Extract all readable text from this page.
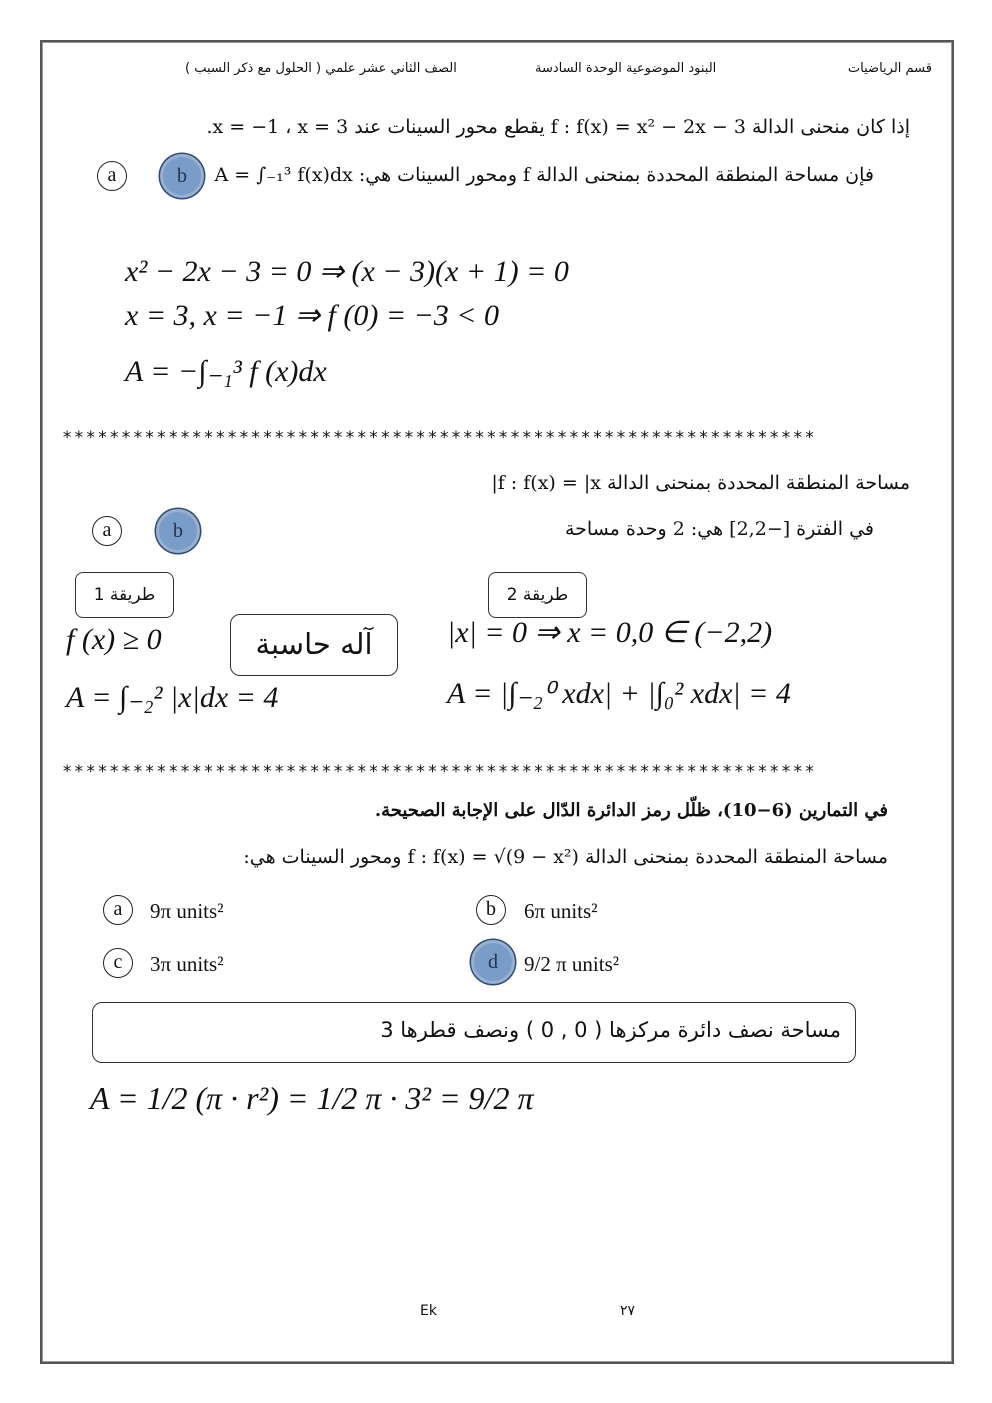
قسم الرياضيات
البنود الموضوعية الوحدة السادسة
الصف الثاني عشر علمي ( الحلول مع ذكر السبب )
إذا كان منحنى الدالة f : f(x) = x² − 2x − 3 يقطع محور السينات عند x = −1 ، x = 3.
فإن مساحة المنطقة المحددة بمنحنى الدالة f ومحور السينات هي: A = ∫₋₁³ f(x)dx
a	b
x² − 2x − 3 = 0 ⇒ (x − 3)(x + 1) = 0
x = 3, x = −1 ⇒ f (0) = −3 < 0
A = −∫₋₁³ f (x)dx
****************************************************************
مساحة المنطقة المحددة بمنحنى الدالة f : f(x) = |x|
في الفترة [−2,2] هي: 2 وحدة مساحة
a	b
طريقة 1	طريقة 2
آله حاسبة
f (x) ≥ 0
A = ∫₋₂² |x|dx = 4
|x| = 0 ⇒ x = 0,0 ∈ (−2,2)
A = |∫₋₂⁰ xdx| + |∫₀² xdx| = 4
****************************************************************
في التمارين (6−10)، ظلّل رمز الدائرة الدّال على الإجابة الصحيحة.
مساحة المنطقة المحددة بمنحنى الدالة f : f(x) = √(9 − x²) ومحور السينات هي:
a	9π units²	b	6π units²
c	3π units²	d	9/2 π units²
مساحة نصف دائرة مركزها ( 0 , 0 ) ونصف قطرها 3
A = 1/2 (π · r²) = 1/2 π · 3² = 9/2 π
Ek	٢٧
